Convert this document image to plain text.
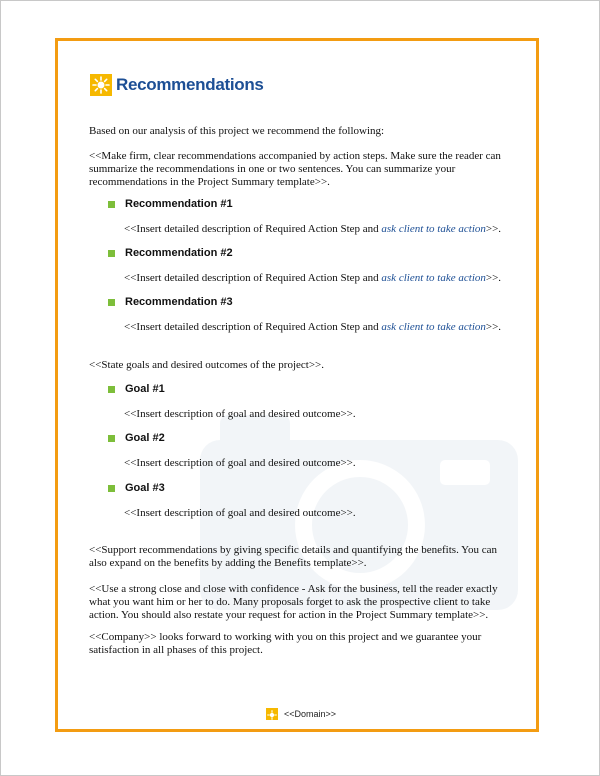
Recommendations

Based on our analysis of this project we recommend the following:

<<Make firm, clear recommendations accompanied by action steps. Make sure the reader can summarize the recommendations in one or two sentences. You can summarize your recommendations in the Project Summary template>>.

Recommendation #1
<<Insert detailed description of Required Action Step and ask client to take action>>.
Recommendation #2
<<Insert detailed description of Required Action Step and ask client to take action>>.
Recommendation #3
<<Insert detailed description of Required Action Step and ask client to take action>>.

<<State goals and desired outcomes of the project>>.

Goal #1
<<Insert description of goal and desired outcome>>.
Goal #2
<<Insert description of goal and desired outcome>>.
Goal #3
<<Insert description of goal and desired outcome>>.

<<Support recommendations by giving specific details and quantifying the benefits. You can also expand on the benefits by adding the Benefits template>>.

<<Use a strong close and close with confidence - Ask for the business, tell the reader exactly what you want him or her to do. Many proposals forget to ask the prospective client to take action. You should also restate your request for action in the Project Summary template>>.

<<Company>> looks forward to working with you on this project and we guarantee your satisfaction in all phases of this project.

<<Domain>>
